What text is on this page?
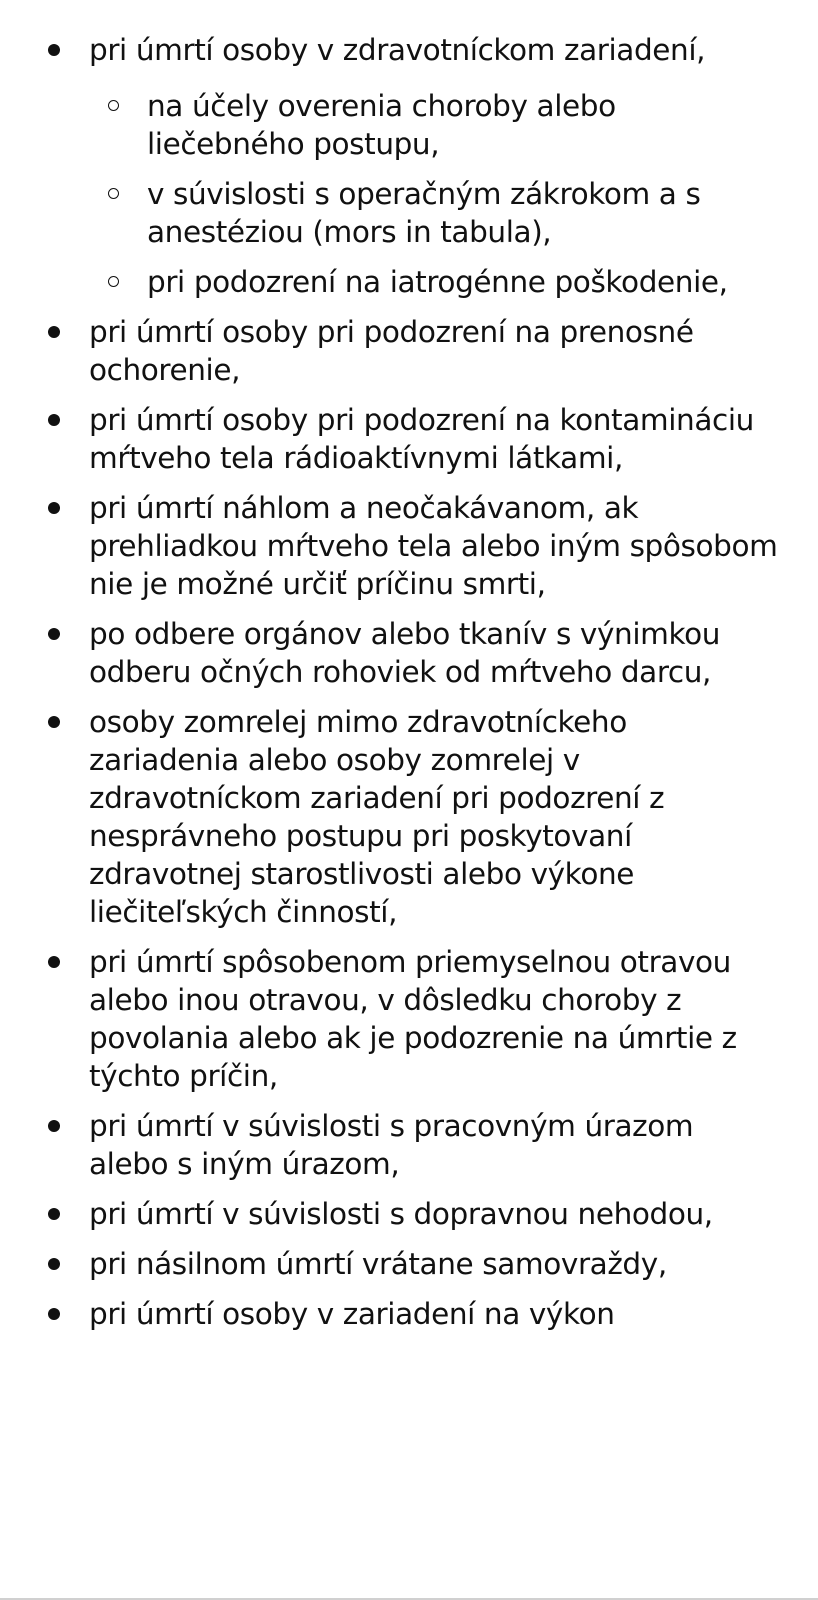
pri úmrtí osoby v zdravotníckom zariadení,
na účely overenia choroby alebo liečebného postupu,
v súvislosti s operačným zákrokom a s anestéziou (mors in tabula),
pri podozrení na iatrogénne poškodenie,
pri úmrtí osoby pri podozrení na prenosné ochorenie,
pri úmrtí osoby pri podozrení na kontamináciu mŕtveho tela rádioaktívnymi látkami,
pri úmrtí náhlom a neočakávanom, ak prehliadkou mŕtveho tela alebo iným spôsobom nie je možné určiť príčinu smrti,
po odbere orgánov alebo tkanív s výnimkou odberu očných rohoviek od mŕtveho darcu,
osoby zomrelej mimo zdravotníckeho zariadenia alebo osoby zomrelej v zdravotníckom zariadení pri podozrení z nesprávneho postupu pri poskytovaní zdravotnej starostlivosti alebo výkone liečiteľských činností,
pri úmrtí spôsobenom priemyselnou otravou alebo inou otravou, v dôsledku choroby z povolania alebo ak je podozrenie na úmrtie z týchto príčin,
pri úmrtí v súvislosti s pracovným úrazom alebo s iným úrazom,
pri úmrtí v súvislosti s dopravnou nehodou,
pri násilnom úmrtí vrátane samovraždy,
pri úmrtí osoby v zariadení na výkon
